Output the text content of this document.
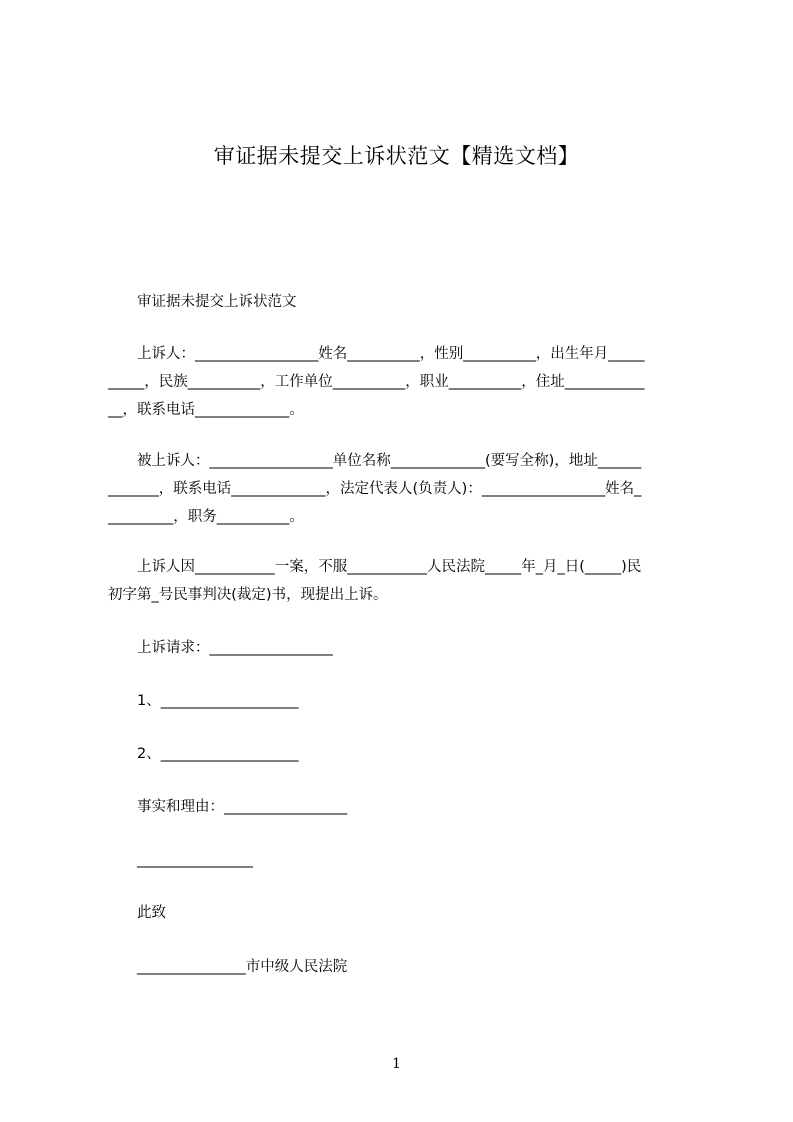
审证据未提交上诉状范文【精选文档】

审证据未提交上诉状范文

上诉人：_________________姓名__________，性别__________，出生年月_____
_____，民族__________，工作单位__________，职业__________，住址___________
__，联系电话_____________。

被上诉人：_________________单位名称_____________(要写全称)，地址______
_______，联系电话_____________，法定代表人(负责人)：_________________姓名_
_________，职务__________。

上诉人因___________一案，不服___________人民法院_____年_月_日(_____)民
初字第_号民事判决(裁定)书，现提出上诉。

上诉请求：_________________

1、___________________

2、___________________

事实和理由：_________________

________________

此致

_______________市中级人民法院

1
